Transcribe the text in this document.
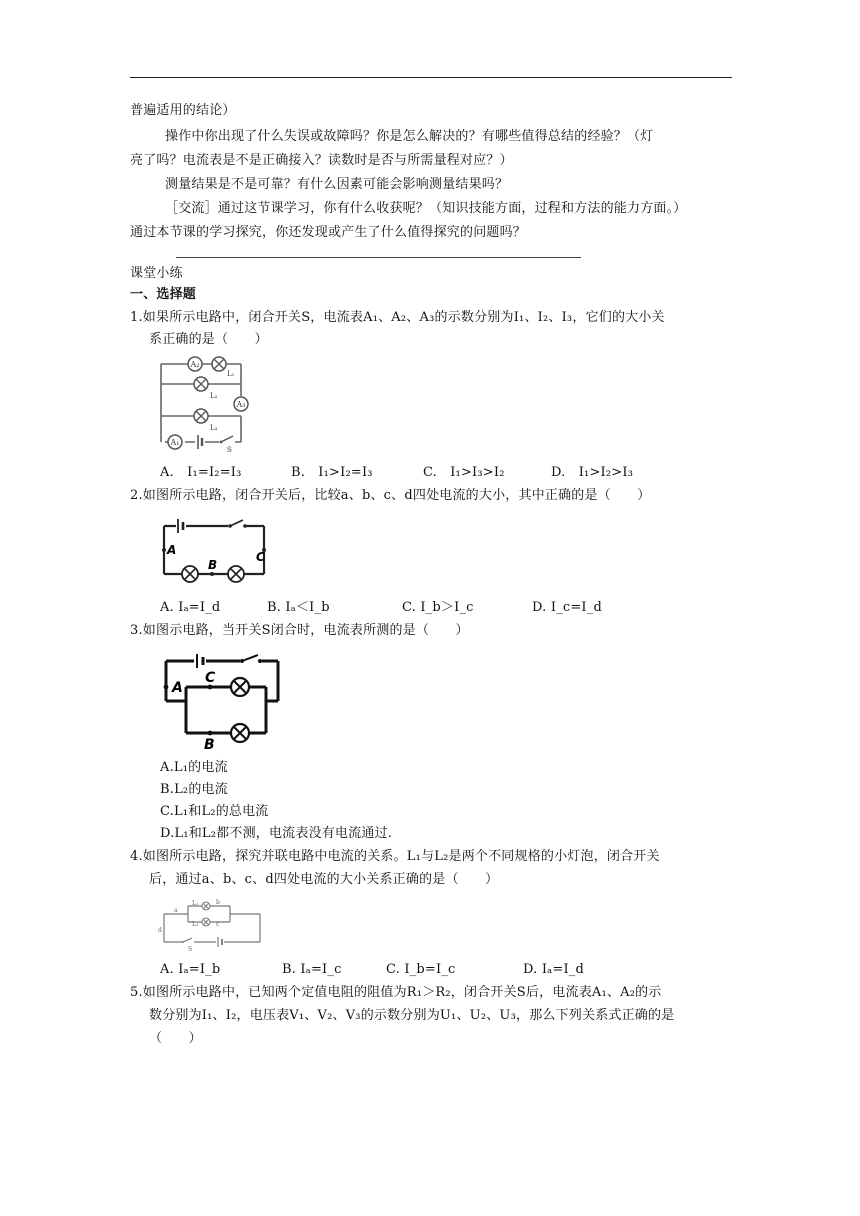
普遍适用的结论）
操作中你出现了什么失误或故障吗？你是怎么解决的？有哪些值得总结的经验？（灯
亮了吗？电流表是不是正确接入？读数时是否与所需量程对应？）
测量结果是不是可靠？有什么因素可能会影响测量结果吗？
［交流］通过这节课学习，你有什么收获呢？（知识技能方面，过程和方法的能力方面。）
通过本节课的学习探究，你还发现或产生了什么值得探究的问题吗？
课堂小练
一、选择题
1.如果所示电路中，闭合开关S，电流表A₁、A₂、A₃的示数分别为I₁、I₂、I₃，它们的大小关
系正确的是（　　）
A₂
L₁
L₂
A₃
L₃
A₁
S
A.　I₁=I₂=I₃	B.　I₁>I₂=I₃	C.　I₁>I₃>I₂	D.　I₁>I₂>I₃
2.如图所示电路，闭合开关后，比较a、b、c、d四处电流的大小，其中正确的是（　　）
A	C
B
A. Iₐ=I_d	B. Iₐ＜I_b	C. I_b＞I_c	D. I_c=I_d
3.如图示电路，当开关S闭合时，电流表所测的是（　　）
A
C
B
A.L₁的电流
B.L₂的电流
C.L₁和L₂的总电流
D.L₁和L₂都不测，电流表没有电流通过.
4.如图所示电路，探究并联电路中电流的关系。L₁与L₂是两个不同规格的小灯泡，闭合开关
后，通过a、b、c、d四处电流的大小关系正确的是（　　）
L₁	b
L₂	c
a
d
S
A. Iₐ=I_b	B. Iₐ=I_c	C. I_b=I_c	D. Iₐ=I_d
5.如图所示电路中，已知两个定值电阻的阻值为R₁＞R₂，闭合开关S后，电流表A₁、A₂的示
数分别为I₁、I₂，电压表V₁、V₂、V₃的示数分别为U₁、U₂、U₃，那么下列关系式正确的是
（　　）
